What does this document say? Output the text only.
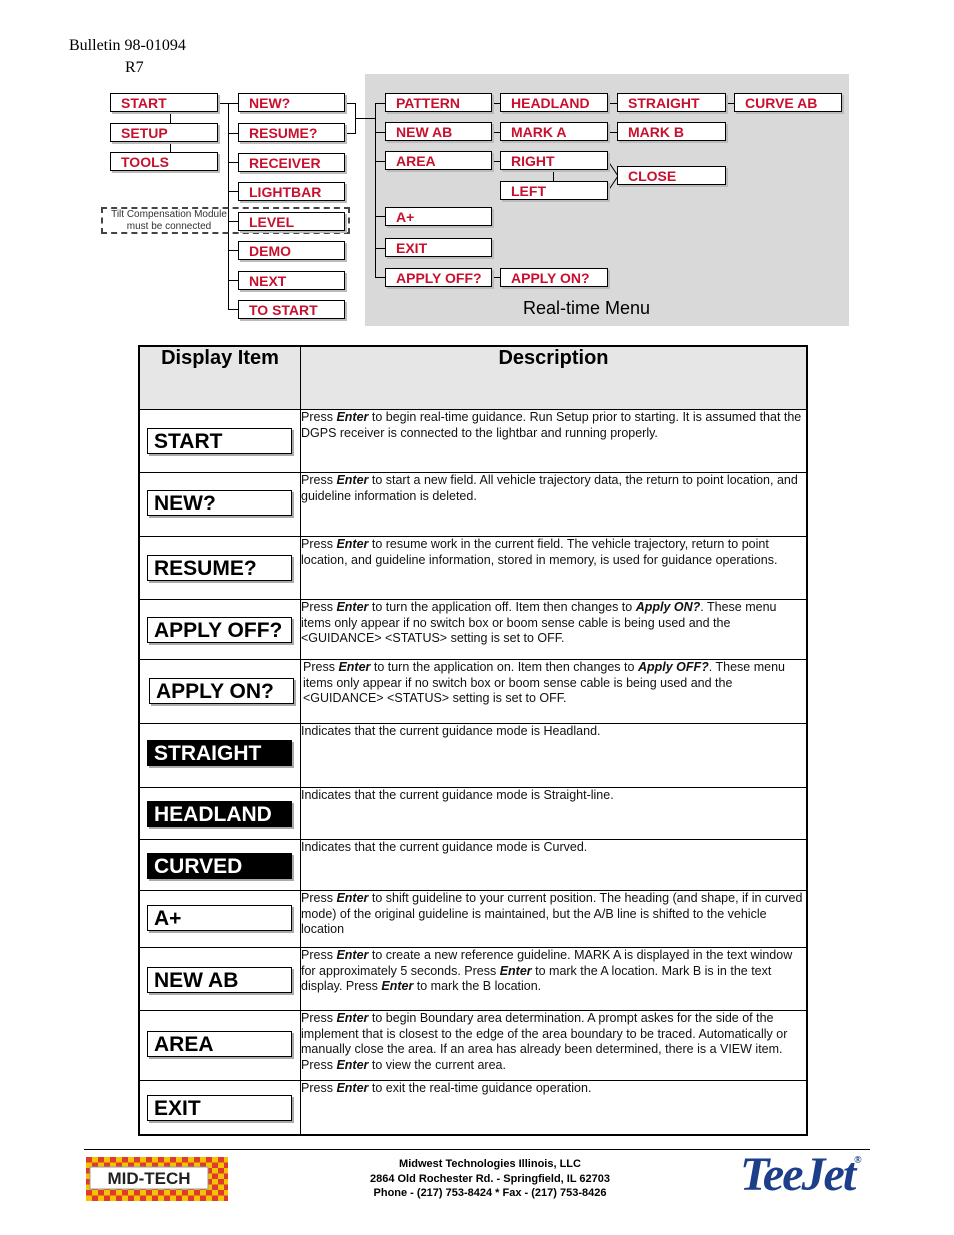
Bulletin 98-01094
R7
Real-time Menu
Tilt Compensation Module must be connected
START
SETUP
TOOLS
NEW?
RESUME?
RECEIVER
LIGHTBAR
LEVEL
DEMO
NEXT
TO START
PATTERN	HEADLAND	STRAIGHT	CURVE AB
NEW AB	MARK A	MARK B
AREA	RIGHT
LEFT
CLOSE
A+
EXIT
APPLY OFF?	APPLY ON?
Display Item	Description

START	Press Enter to begin real-time guidance. Run Setup prior to starting. It is assumed that the DGPS receiver is connected to the lightbar and running properly.

NEW?	Press Enter to start a new field. All vehicle trajectory data, the return to point location, and guideline information is deleted.

RESUME?	Press Enter to resume work in the current field. The vehicle trajectory, return to point location, and guideline information, stored in memory, is used for guidance operations.

APPLY OFF?	Press Enter to turn the application off. Item then changes to Apply ON?. These menu items only appear if no switch box or boom sense cable is being used and the <GUIDANCE> <STATUS> setting is set to OFF.

APPLY ON?	Press Enter to turn the application on. Item then changes to Apply OFF?. These menu items only appear if no switch box or boom sense cable is being used and the <GUIDANCE> <STATUS> setting is set to OFF.

STRAIGHT	Indicates that the current guidance mode is Headland.

HEADLAND	Indicates that the current guidance mode is Straight-line.

CURVED	Indicates that the current guidance mode is Curved.

A+	Press Enter to shift guideline to your current position. The heading (and shape, if in curved mode) of the original guideline is maintained, but the A/B line is shifted to the vehicle location

NEW AB	Press Enter to create a new reference guideline. MARK A is displayed in the text window for approximately 5 seconds. Press Enter to mark the A location. Mark B is in the text display. Press Enter to mark the B location.

AREA	Press Enter to begin Boundary area determination. A prompt askes for the side of the implement that is closest to the edge of the area boundary to be traced. Automatically or manually close the area. If an area has already been determined, there is a VIEW item. Press Enter to view the current area.

EXIT	Press Enter to exit the real-time guidance operation.
MID-TECH
Midwest Technologies Illinois, LLC
2864 Old Rochester Rd. - Springfield, IL 62703
Phone - (217) 753-8424 * Fax - (217) 753-8426	TeeJet®
